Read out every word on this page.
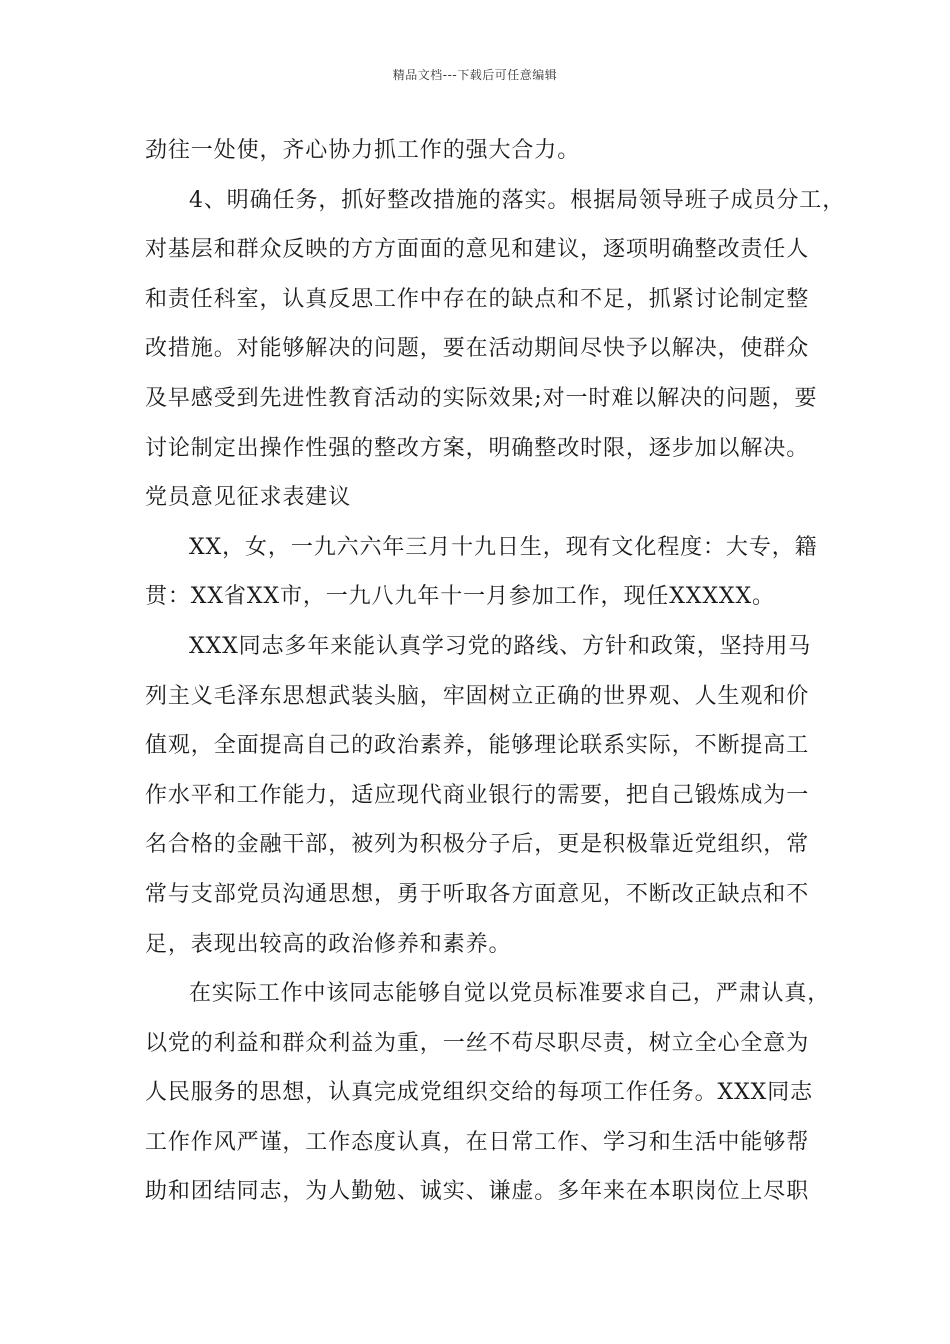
精品文档---下载后可任意编辑
劲往一处使，齐心协力抓工作的强大合力。
4、明确任务，抓好整改措施的落实。根据局领导班子成员分工，
对基层和群众反映的方方面面的意见和建议，逐项明确整改责任人
和责任科室，认真反思工作中存在的缺点和不足，抓紧讨论制定整
改措施。对能够解决的问题，要在活动期间尽快予以解决，使群众
及早感受到先进性教育活动的实际效果;对一时难以解决的问题，要
讨论制定出操作性强的整改方案，明确整改时限，逐步加以解决。
党员意见征求表建议
XX，女，一九六六年三月十九日生，现有文化程度：大专，籍
贯：XX省XX市，一九八九年十一月参加工作，现任XXXXX。
XXX同志多年来能认真学习党的路线、方针和政策，坚持用马
列主义毛泽东思想武装头脑，牢固树立正确的世界观、人生观和价
值观，全面提高自己的政治素养，能够理论联系实际，不断提高工
作水平和工作能力，适应现代商业银行的需要，把自己锻炼成为一
名合格的金融干部，被列为积极分子后，更是积极靠近党组织，常
常与支部党员沟通思想，勇于听取各方面意见，不断改正缺点和不
足，表现出较高的政治修养和素养。
在实际工作中该同志能够自觉以党员标准要求自己，严肃认真，
以党的利益和群众利益为重，一丝不苟尽职尽责，树立全心全意为
人民服务的思想，认真完成党组织交给的每项工作任务。XXX同志
工作作风严谨，工作态度认真，在日常工作、学习和生活中能够帮
助和团结同志，为人勤勉、诚实、谦虚。多年来在本职岗位上尽职
